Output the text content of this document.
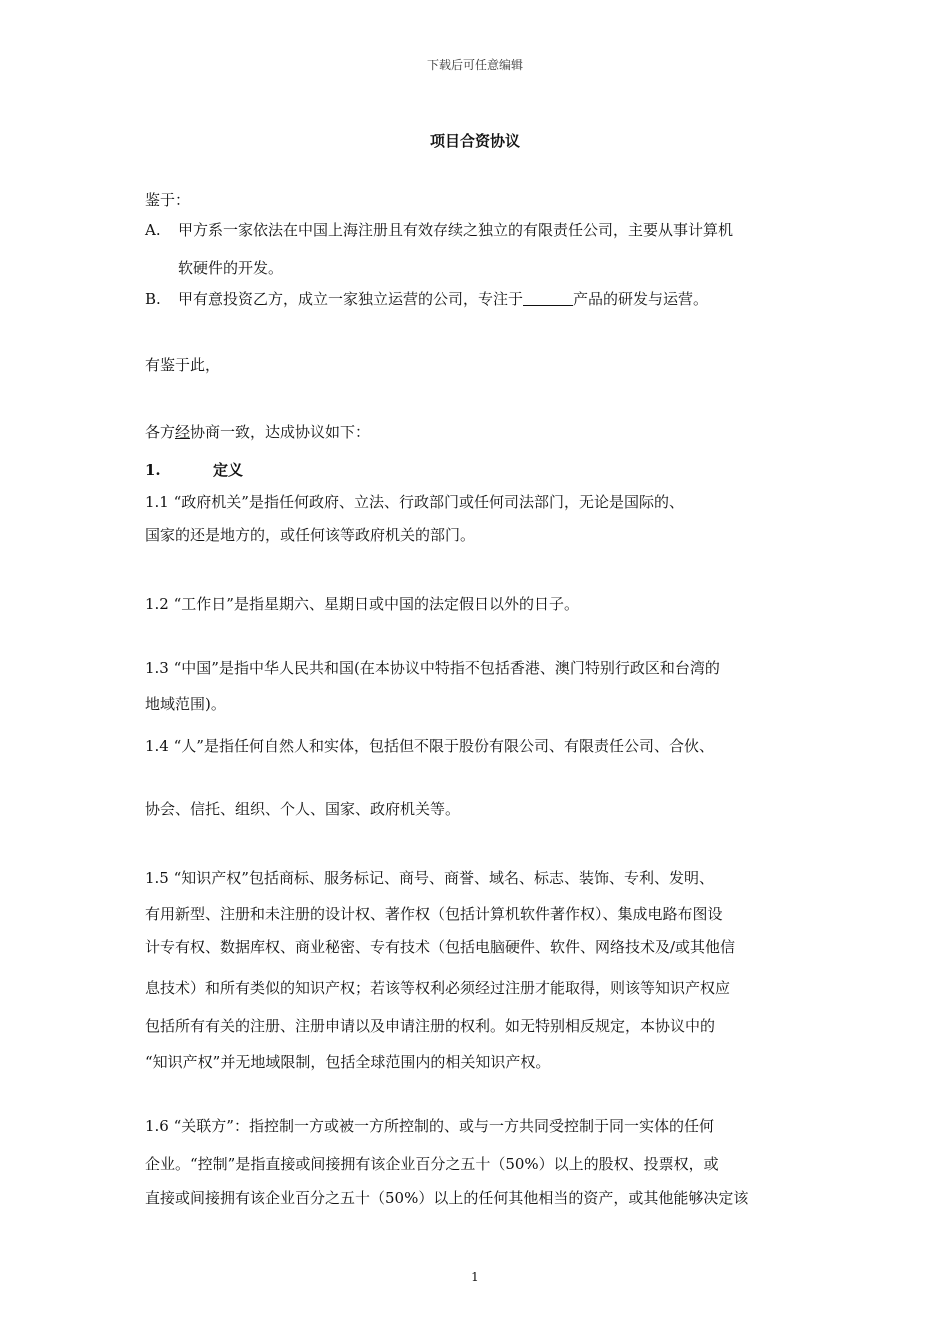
下载后可任意编辑
项目合资协议
鉴于：
A. 甲方系一家依法在中国上海注册且有效存续之独立的有限责任公司，主要从事计算机
软硬件的开发。
B. 甲有意投资乙方，成立一家独立运营的公司，专注于	产品的研发与运营。
有鉴于此，
各方经协商一致，达成协议如下：
1.	定义
1.1 “政府机关”是指任何政府、立法、行政部门或任何司法部门，无论是国际的、
国家的还是地方的，或任何该等政府机关的部门。
1.2 “工作日”是指星期六、星期日或中国的法定假日以外的日子。
1.3 “中国”是指中华人民共和国(在本协议中特指不包括香港、澳门特别行政区和台湾的
地域范围)。
1.4 “人”是指任何自然人和实体，包括但不限于股份有限公司、有限责任公司、合伙、
协会、信托、组织、个人、国家、政府机关等。
1.5 “知识产权”包括商标、服务标记、商号、商誉、域名、标志、装饰、专利、发明、
有用新型、注册和未注册的设计权、著作权（包括计算机软件著作权）、集成电路布图设
计专有权、数据库权、商业秘密、专有技术（包括电脑硬件、软件、网络技术及/或其他信
息技术）和所有类似的知识产权；若该等权利必须经过注册才能取得，则该等知识产权应
包括所有有关的注册、注册申请以及申请注册的权利。如无特别相反规定，本协议中的
“知识产权”并无地域限制，包括全球范围内的相关知识产权。
1.6 “关联方”：指控制一方或被一方所控制的、或与一方共同受控制于同一实体的任何
企业。“控制”是指直接或间接拥有该企业百分之五十（50%）以上的股权、投票权，或
直接或间接拥有该企业百分之五十（50%）以上的任何其他相当的资产，或其他能够决定该
1
